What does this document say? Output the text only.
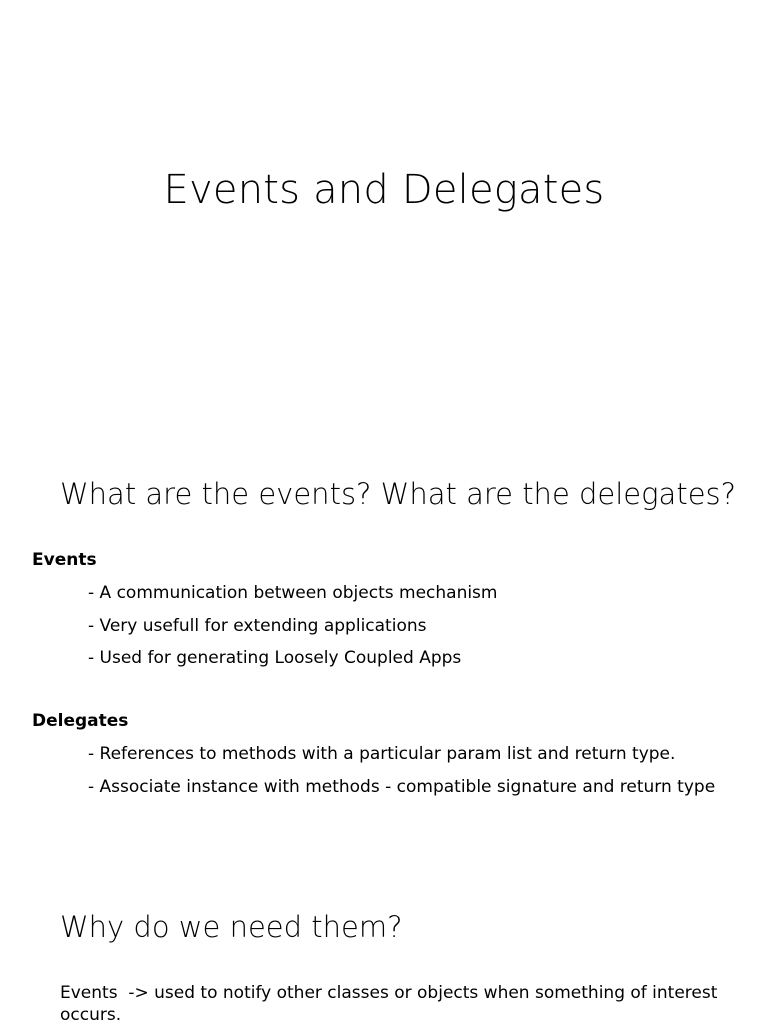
Events and Delegates
What are the events? What are the delegates?
Events
- A communication between objects mechanism
- Very usefull for extending applications
- Used for generating Loosely Coupled Apps
Delegates
- References to methods with a particular param list and return type.
- Associate instance with methods - compatible signature and return type
Why do we need them?
Events  -> used to notify other classes or objects when something of interest occurs.
